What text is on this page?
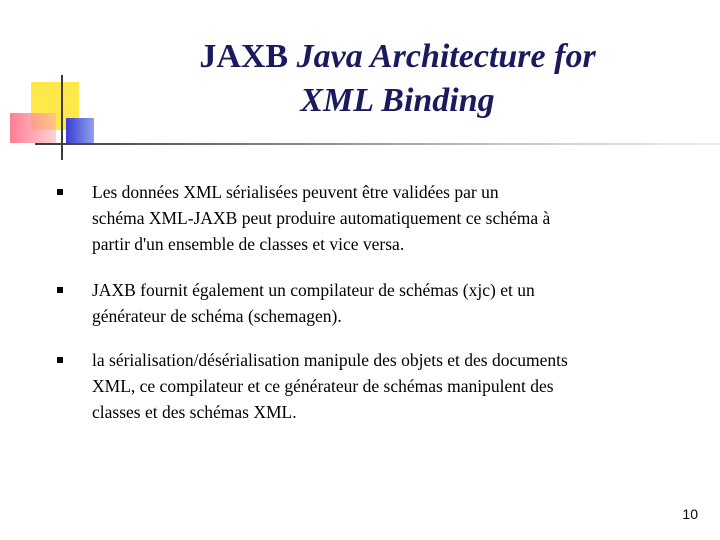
JAXB Java Architecture for
XML Binding
Les données XML sérialisées peuvent être validées par un
schéma XML-JAXB peut produire automatiquement ce schéma à
partir d'un ensemble de classes et vice versa.
JAXB fournit également un compilateur de schémas (xjc) et un
générateur de schéma (schemagen).
la sérialisation/désérialisation manipule des objets et des documents
XML, ce compilateur et ce générateur de schémas manipulent des
classes et des schémas XML.
10
